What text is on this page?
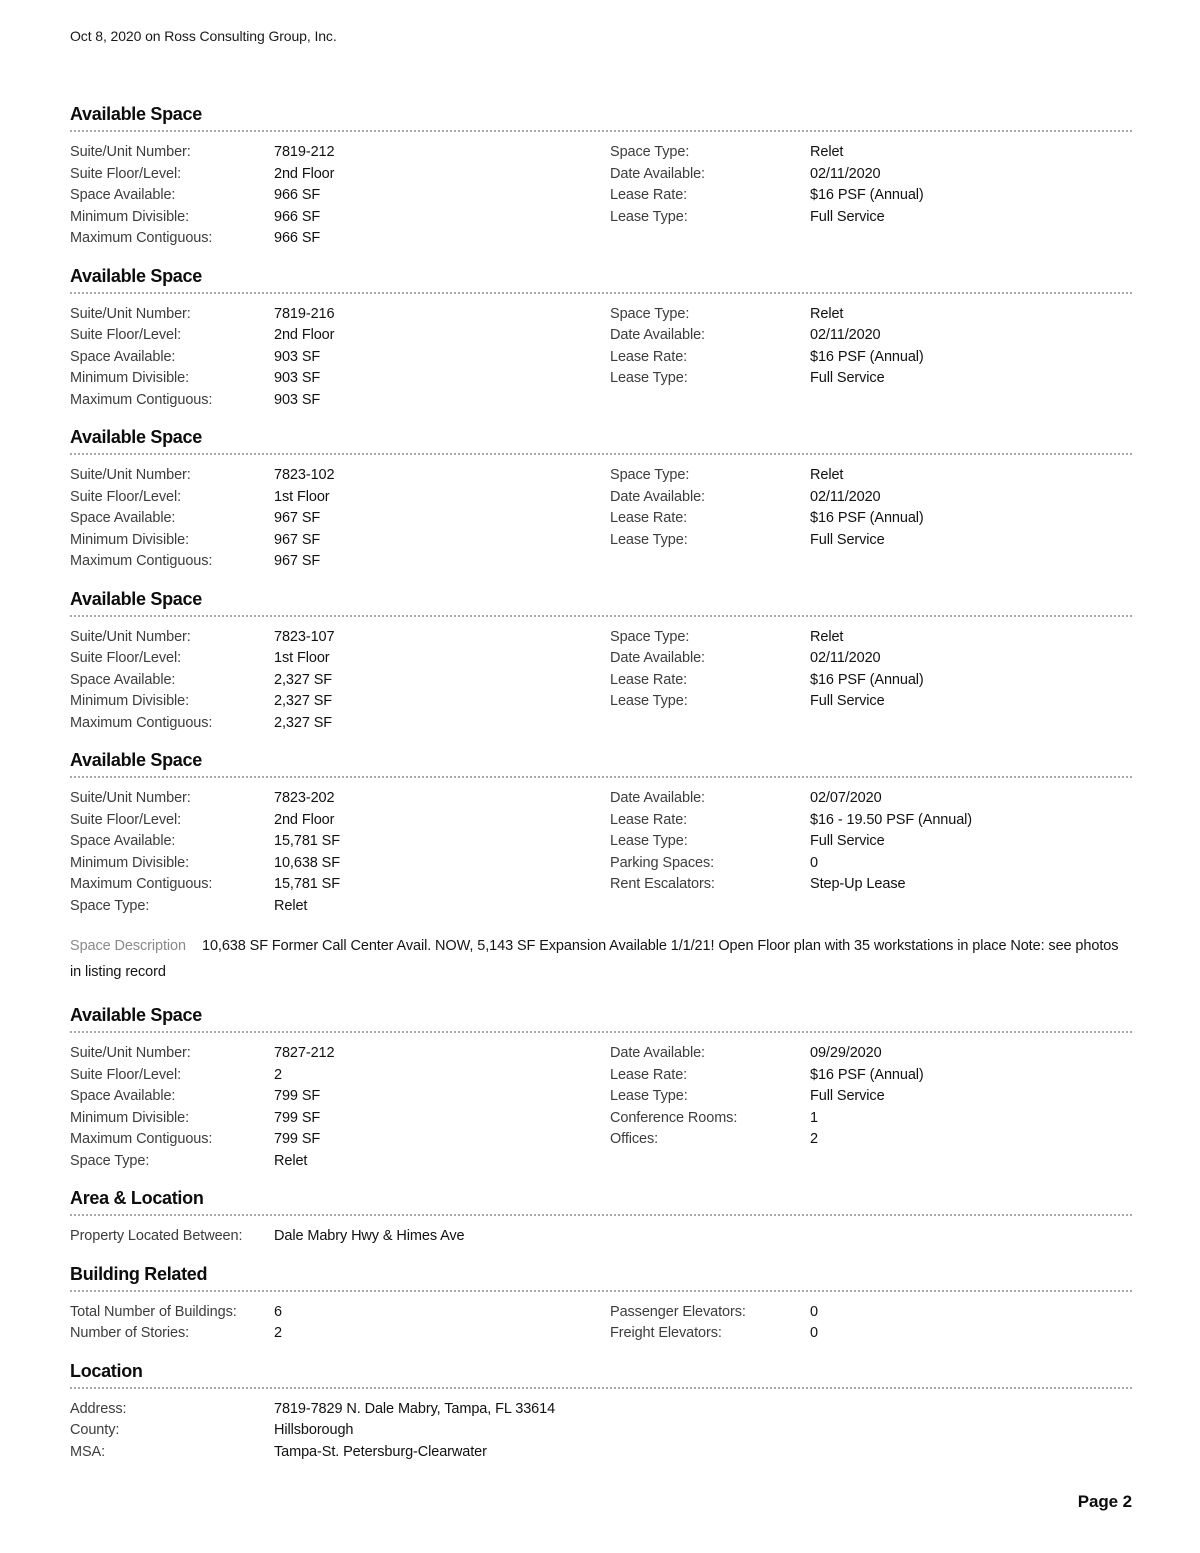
Oct 8, 2020 on Ross Consulting Group, Inc.
Available Space
Suite/Unit Number:	7819-212
Suite Floor/Level:	2nd Floor
Space Available:	966 SF
Minimum Divisible:	966 SF
Maximum Contiguous:	966 SF
Space Type:	Relet
Date Available:	02/11/2020
Lease Rate:	$16 PSF (Annual)
Lease Type:	Full Service
Available Space
Suite/Unit Number:	7819-216
Suite Floor/Level:	2nd Floor
Space Available:	903 SF
Minimum Divisible:	903 SF
Maximum Contiguous:	903 SF
Space Type:	Relet
Date Available:	02/11/2020
Lease Rate:	$16 PSF (Annual)
Lease Type:	Full Service
Available Space
Suite/Unit Number:	7823-102
Suite Floor/Level:	1st Floor
Space Available:	967 SF
Minimum Divisible:	967 SF
Maximum Contiguous:	967 SF
Space Type:	Relet
Date Available:	02/11/2020
Lease Rate:	$16 PSF (Annual)
Lease Type:	Full Service
Available Space
Suite/Unit Number:	7823-107
Suite Floor/Level:	1st Floor
Space Available:	2,327 SF
Minimum Divisible:	2,327 SF
Maximum Contiguous:	2,327 SF
Space Type:	Relet
Date Available:	02/11/2020
Lease Rate:	$16 PSF (Annual)
Lease Type:	Full Service
Available Space
Suite/Unit Number:	7823-202
Suite Floor/Level:	2nd Floor
Space Available:	15,781 SF
Minimum Divisible:	10,638 SF
Maximum Contiguous:	15,781 SF
Space Type:	Relet
Date Available:	02/07/2020
Lease Rate:	$16 - 19.50 PSF (Annual)
Lease Type:	Full Service
Parking Spaces:	0
Rent Escalators:	Step-Up Lease

Space Description 10,638 SF Former Call Center Avail. NOW, 5,143 SF Expansion Available 1/1/21! Open Floor plan with 35 workstations in place Note: see photos in listing record

Available Space
Suite/Unit Number:	7827-212
Suite Floor/Level:	2
Space Available:	799 SF
Minimum Divisible:	799 SF
Maximum Contiguous:	799 SF
Space Type:	Relet
Date Available:	09/29/2020
Lease Rate:	$16 PSF (Annual)
Lease Type:	Full Service
Conference Rooms:	1
Offices:	2
Area & Location
Property Located Between:	Dale Mabry Hwy & Himes Ave
Building Related
Total Number of Buildings:	6
Number of Stories:	2
Passenger Elevators:	0
Freight Elevators:	0
Location
Address:	7819-7829 N. Dale Mabry, Tampa, FL 33614
County:	Hillsborough
MSA:	Tampa-St. Petersburg-Clearwater
Page 2
